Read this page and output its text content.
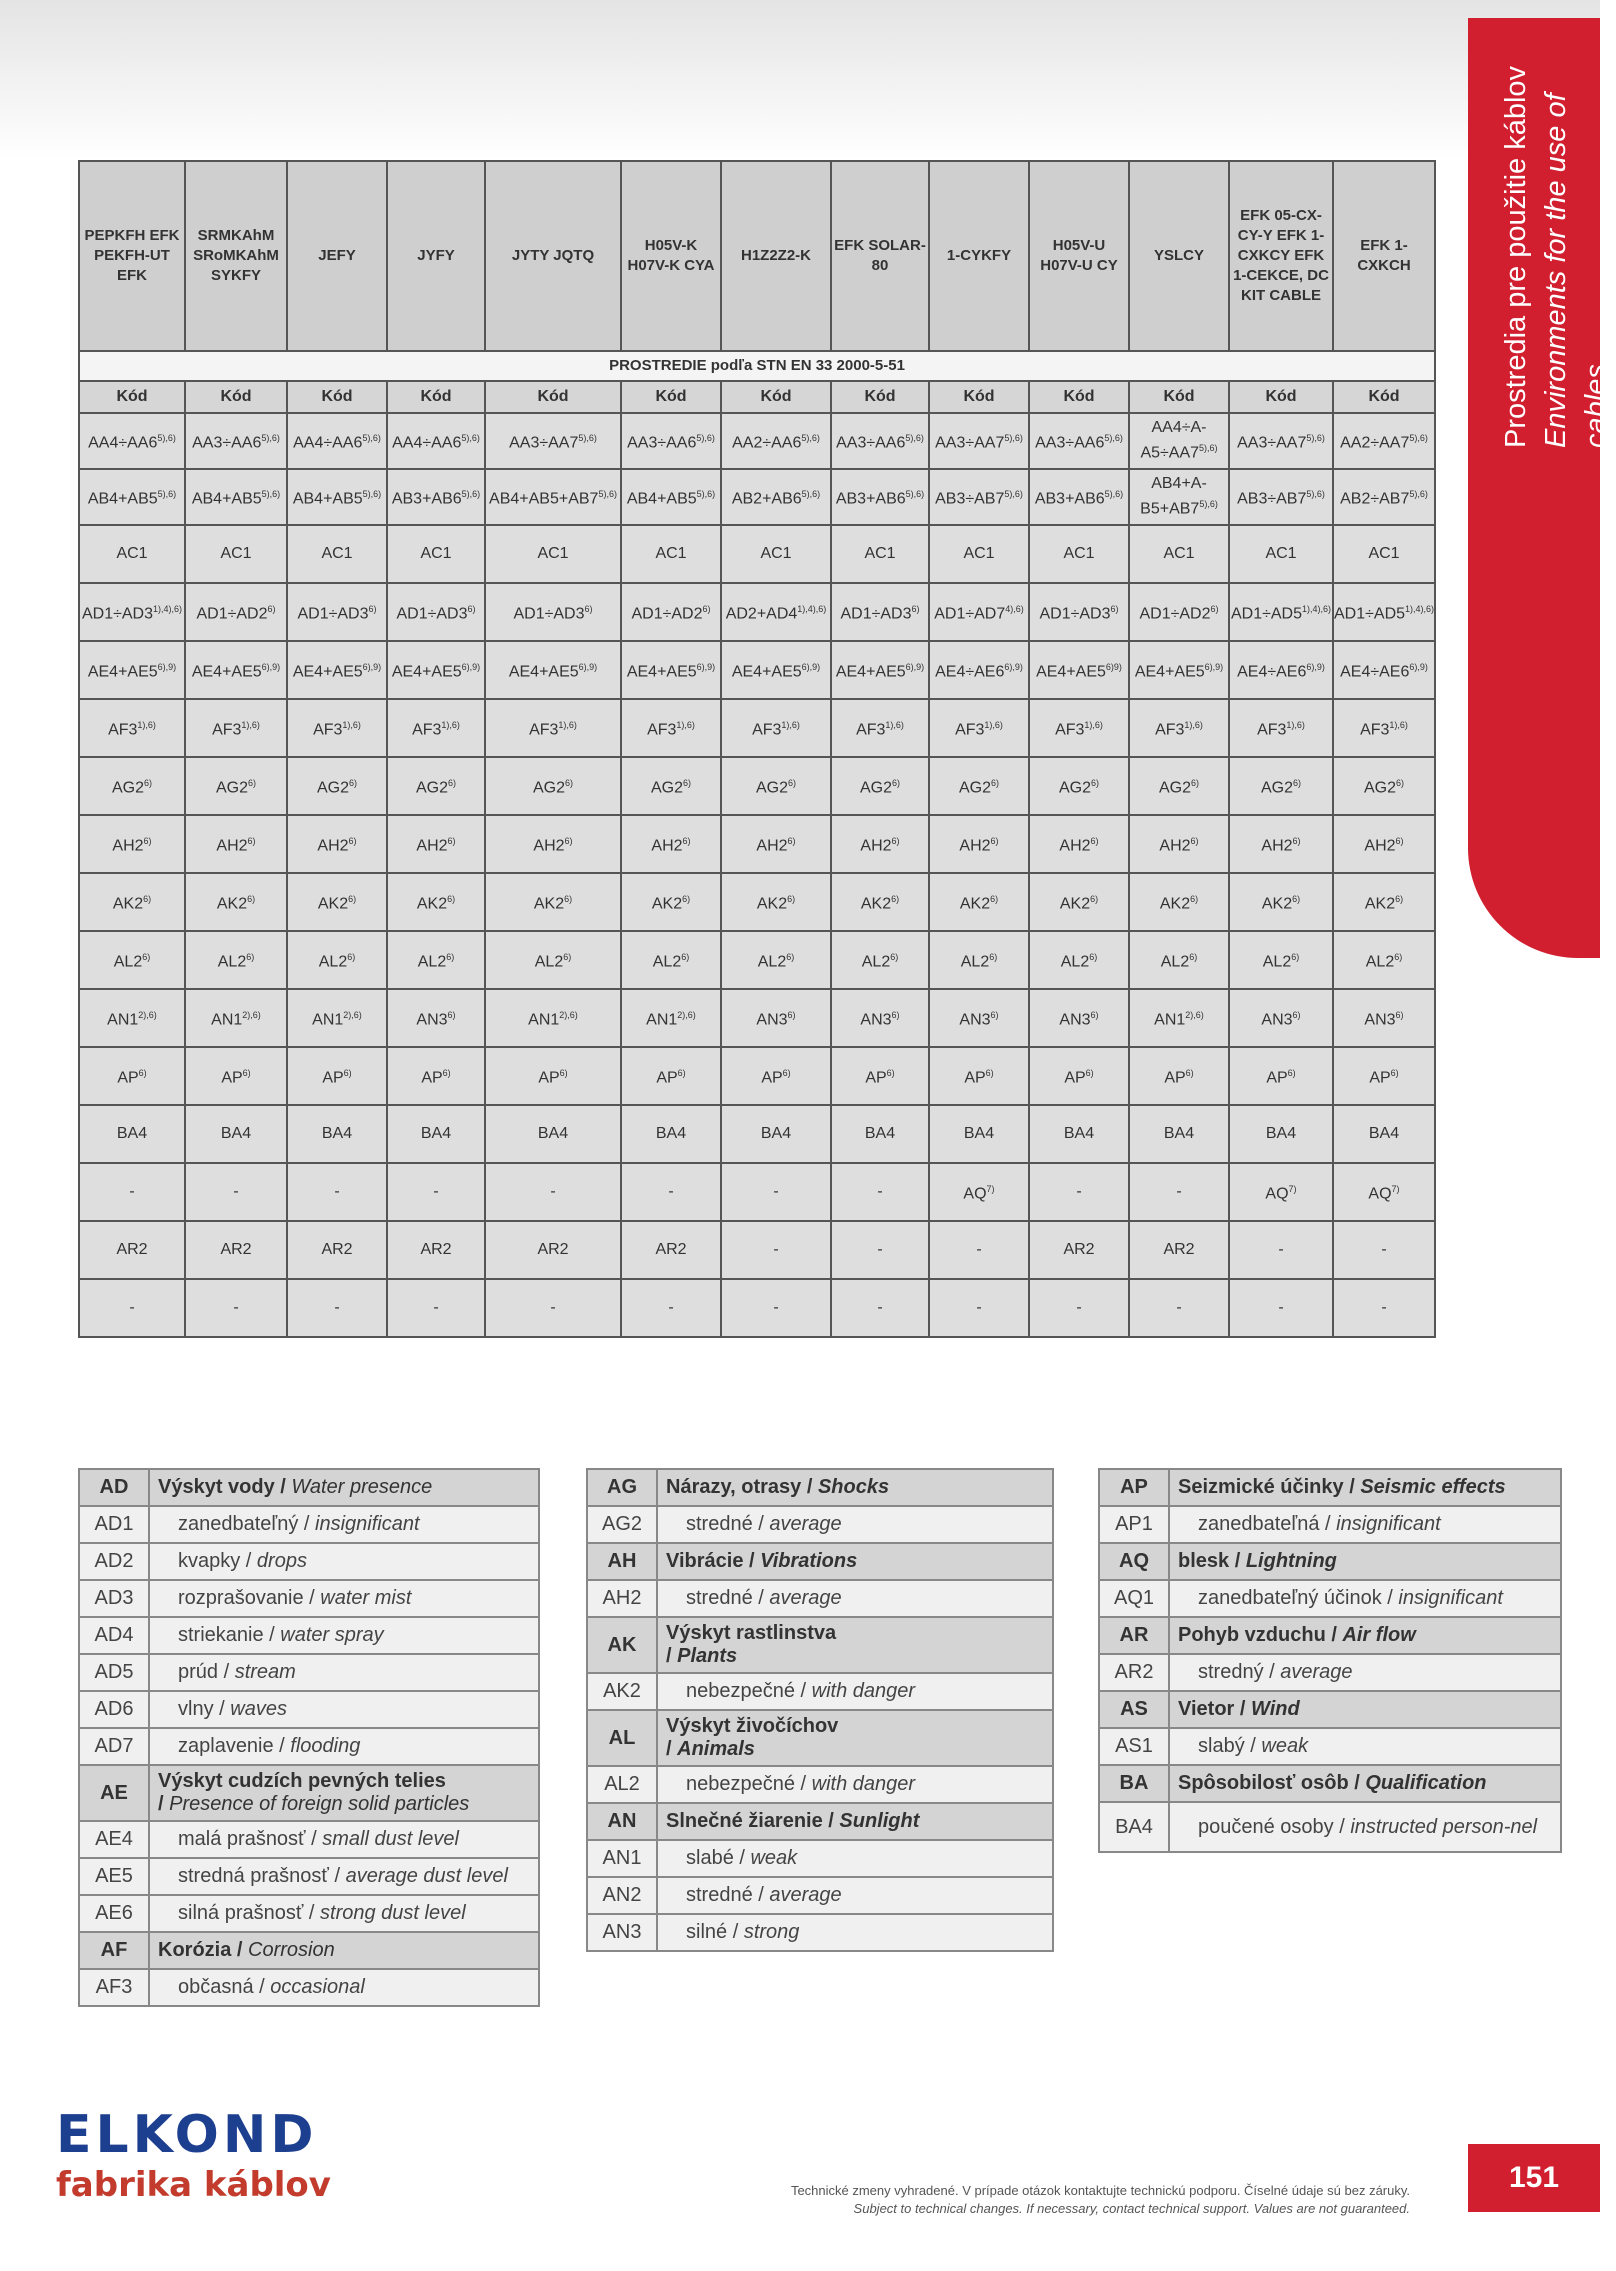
Prostredia pre použitie káblov Environments for the use of cables
PEPKFH EFK PEKFH-UT EFK	SRMKAhM SRoMKAhM SYKFY	JEFY	JYFY	JYTY JQTQ	H05V-K H07V-K CYA	H1Z2Z2-K	EFK SOLAR-80	1-CYKFY	H05V-U H07V-U CY	YSLCY	EFK 05-CX-CY-Y EFK 1-CXKCY EFK 1-CEKCE, DC KIT CABLE	EFK 1-CXKCH
PROSTREDIE podľa STN EN 33 2000-5-51												
Kód	Kód	Kód	Kód	Kód	Kód	Kód	Kód	Kód	Kód	Kód	Kód	Kód
$AA4\div AA6^{5),6)}$	$AA3\div AA6^{5),6)}$	$AA4\div AA6^{5),6)}$	$AA4\div AA6^{5),6)}$	$AA3\div AA7^{5),6)}$	$AA3\div AA6^{5),6)}$	$AA2\div AA6^{5),6)}$	$AA3\div AA6^{5),6)}$	$AA3\div AA7^{5),6)}$	$AA3\div AA6^{5),6)}$	$AA4\div A-A5\div AA7^{5),6)}$	$AA3\div AA7^{5),6)}$	$AA2\div AA7^{5),6)}$
$AB4+AB5^{5),6)}$	$AB4+AB5^{5),6)}$	$AB4+AB5^{5),6)}$	$AB3+AB6^{5),6)}$	$AB4+AB5+AB7^{5),6)}$	$AB4+AB5^{5),6)}$	$AB2+AB6^{5),6)}$	$AB3+AB6^{5),6)}$	$AB3\div AB7^{5),6)}$	$AB3+AB6^{5),6)}$	$AB4+A-B5+AB7^{5),6)}$	$AB3\div AB7^{5),6)}$	$AB2\div AB7^{5),6)}$
AC1	AC1	AC1	AC1	AC1	AC1	AC1	AC1	AC1	AC1	AC1	AC1	AC1
$AD1\div AD3^{1),4),6)}$	$AD1\div AD2^{6)}$	$AD1\div AD3^{6)}$	$AD1\div AD3^{6)}$	$AD1\div AD3^{6)}$	$AD1\div AD2^{6)}$	$AD2+AD4^{1),4),6)}$	$AD1\div AD3^{6)}$	$AD1\div AD7^{4),6)}$	$AD1\div AD3^{6)}$	$AD1\div AD2^{6)}$	$AD1\div AD5^{1),4),6)}$	$AD1\div AD5^{1),4),6)}$
$AE4+AE5^{6),9)}$	$AE4+AE5^{6),9)}$	$AE4+AE5^{6),9)}$	$AE4+AE5^{6),9)}$	$AE4+AE5^{6),9)}$	$AE4+AE5^{6),9)}$	$AE4+AE5^{6),9)}$	$AE4+AE5^{6),9)}$	$AE4\div AE6^{6),9)}$	$AE4+AE5^{6)9)}$	$AE4+AE5^{6),9)}$	$AE4\div AE6^{6),9)}$	$AE4\div AE6^{6),9)}$
$AF3^{1),6)}$	$AF3^{1),6)}$	$AF3^{1),6)}$	$AF3^{1),6)}$	$AF3^{1),6)}$	$AF3^{1),6)}$	$AF3^{1),6)}$	$AF3^{1),6)}$	$AF3^{1),6)}$	$AF3^{1),6)}$	$AF3^{1),6)}$	$AF3^{1),6)}$	$AF3^{1),6)}$
AG2$^{6)}$	AG2$^{6)}$	AG2$^{6)}$	AG2$^{6)}$	AG2$^{6)}$	AG2$^{6)}$	AG2$^{6)}$	AG2$^{6)}$	AG2$^{6)}$	AG2$^{6)}$	AG2$^{6)}$	AG2$^{6)}$	AG2$^{6)}$
AH2$^{6)}$	AH2$^{6)}$	AH2$^{6)}$	AH2$^{6)}$	AH2$^{6)}$	AH2$^{6)}$	AH2$^{6)}$	AH2$^{6)}$	AH2$^{6)}$	AH2$^{6)}$	AH2$^{6)}$	AH2$^{6)}$	AH2$^{6)}$
AK2$^{6)}$	AK2$^{6)}$	AK2$^{6)}$	AK2$^{6)}$	AK2$^{6)}$	AK2$^{6)}$	AK2$^{6)}$	AK2$^{6)}$	AK2$^{6)}$	AK2$^{6)}$	AK2$^{6)}$	AK2$^{6)}$	AK2$^{6)}$
AL2$^{6)}$	AL2$^{6)}$	AL2$^{6)}$	AL2$^{6)}$	AL2$^{6)}$	AL2$^{6)}$	AL2$^{6)}$	AL2$^{6)}$	AL2$^{6)}$	AL2$^{6)}$	AL2$^{6)}$	AL2$^{6)}$	AL2$^{6)}$
$AN1^{2),6)}$	$AN1^{2),6)}$	$AN1^{2),6)}$	AN3$^{6)}$	$AN1^{2),6)}$	$AN1^{2),6)}$	AN3$^{6)}$	AN3$^{6)}$	AN3$^{6)}$	AN3$^{6)}$	$AN1^{2),6)}$	AN3$^{6)}$	AN3$^{6)}$
AP$^{6)}$	AP$^{6)}$	AP$^{6)}$	AP$^{6)}$	AP$^{6)}$	AP$^{6)}$	AP$^{6)}$	AP$^{6)}$	AP$^{6)}$	AP$^{6)}$	AP$^{6)}$	AP$^{6)}$	AP$^{6)}$
BA4	BA4	BA4	BA4	BA4	BA4	BA4	BA4	BA4	BA4	BA4	BA4	BA4
-	-	-	-	-	-	-	-	AQ$^{7)}$	-	-	AQ$^{7)}$	AQ$^{7)}$
AR2	AR2	AR2	AR2	AR2	AR2	-	-	-	AR2	AR2	-	-
-	-	-	-	-	-	-	-	-	-	-	-	-
AD	Výskyt vody / Water presence
AD1	zanedbateľný / insignificant
AD2	kvapky / drops
AD3	rozprašovanie / water mist
AD4	striekanie / water spray
AD5	prúd / stream
AD6	vlny / waves
AD7	zaplavenie / flooding
AE	Výskyt cudzích pevných telies
/ Presence of foreign solid particles
AE4	malá prašnosť / small dust level
AE5	stredná prašnosť / average dust level
AE6	silná prašnosť / strong dust level
AF	Korózia / Corrosion
AF3	občasná / occasional
AG	Nárazy, otrasy / Shocks
AG2	stredné / average
AH	Vibrácie / Vibrations
AH2	stredné / average
AK	Výskyt rastlinstva
/ Plants
AK2	nebezpečné / with danger
AL	Výskyt živočíchov
/ Animals
AL2	nebezpečné / with danger
AN	Slnečné žiarenie / Sunlight
AN1	slabé / weak
AN2	stredné / average
AN3	silné / strong
AP	Seizmické účinky / Seismic effects
AP1	zanedbateľná / insignificant
AQ	blesk / Lightning
AQ1	zanedbateľný účinok / insignificant
AR	Pohyb vzduchu / Air flow
AR2	stredný / average
AS	Vietor / Wind
AS1	slabý / weak
BA	Spôsobilosť osôb / Qualification
BA4	poučené osoby / instructed person-nel
ELKOND
fabrika káblov	Technické zmeny vyhradené. V prípade otázok kontaktujte technickú podporu. Číselné údaje sú bez záruky.
Subject to technical changes. If necessary, contact technical support. Values are not guaranteed.
151
